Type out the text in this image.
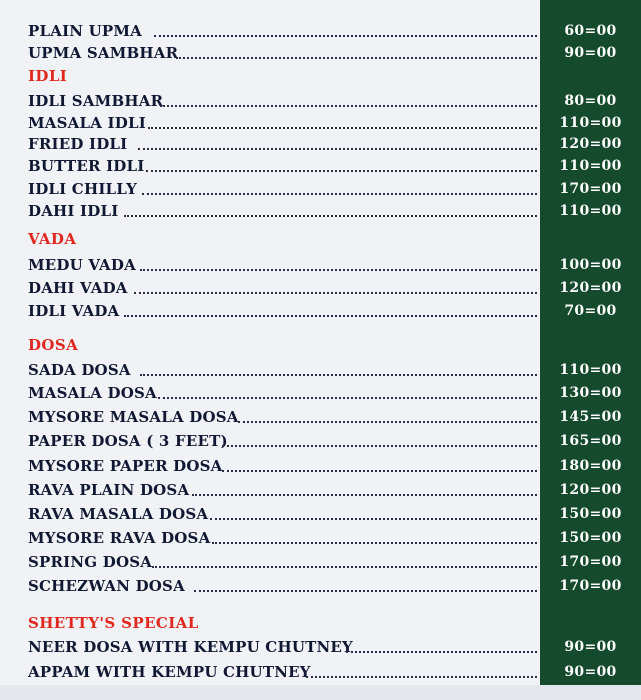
PLAIN UPMA	60=00
UPMA SAMBHAR	90=00
IDLI
IDLI SAMBHAR	80=00
MASALA IDLI	110=00
FRIED IDLI	120=00
BUTTER IDLI	110=00
IDLI CHILLY	170=00
DAHI IDLI	110=00
VADA
MEDU VADA	100=00
DAHI VADA	120=00
IDLI VADA	70=00
DOSA
SADA DOSA	110=00
MASALA DOSA	130=00
MYSORE MASALA DOSA	145=00
PAPER DOSA ( 3 FEET)	165=00
MYSORE PAPER DOSA	180=00
RAVA PLAIN DOSA	120=00
RAVA MASALA DOSA	150=00
MYSORE RAVA DOSA	150=00
SPRING DOSA	170=00
SCHEZWAN DOSA	170=00
SHETTY'S SPECIAL
NEER DOSA WITH KEMPU CHUTNEY	90=00
APPAM WITH KEMPU CHUTNEY	90=00
